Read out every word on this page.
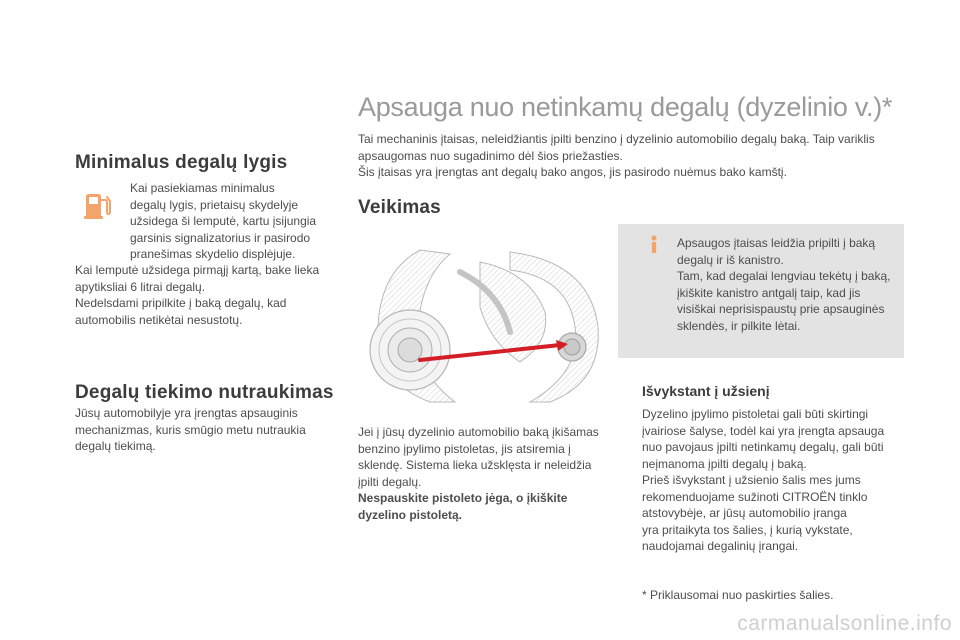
Minimalus degalų lygis
Kai pasiekiamas minimalus
degalų lygis, prietaisų skydelyje
užsidega ši lemputė, kartu įsijungia
garsinis signalizatorius ir pasirodo
pranešimas skydelio displėjuje.
Kai lemputė užsidega pirmąjį kartą, bake lieka
apytiksliai 6 litrai degalų.
Nedelsdami pripilkite į baką degalų, kad
automobilis netikėtai nesustotų.
Degalų tiekimo nutraukimas
Jūsų automobilyje yra įrengtas apsauginis
mechanizmas, kuris smūgio metu nutraukia
degalų tiekimą.
Apsauga nuo netinkamų degalų (dyzelinio v.)*
Tai mechaninis įtaisas, neleidžiantis įpilti benzino į dyzelinio automobilio degalų baką. Taip variklis
apsaugomas nuo sugadinimo dėl šios priežasties.
Šis įtaisas yra įrengtas ant degalų bako angos, jis pasirodo nuėmus bako kamštį.
Veikimas
Jei į jūsų dyzelinio automobilio baką įkišamas
benzino įpylimo pistoletas, jis atsiremia į
sklendę. Sistema lieka užsklęsta ir neleidžia
įpilti degalų.
Nespauskite pistoleto jėga, o įkiškite
dyzelino pistoletą.
Apsaugos įtaisas leidžia pripilti į baką
degalų ir iš kanistro.
Tam, kad degalai lengviau tekėtų į baką,
įkiškite kanistro antgalį taip, kad jis
visiškai neprisispaustų prie apsauginės
sklendės, ir pilkite lėtai.
Išvykstant į užsienį
Dyzelino įpylimo pistoletai gali būti skirtingi
įvairiose šalyse, todėl kai yra įrengta apsauga
nuo pavojaus įpilti netinkamų degalų, gali būti
neįmanoma įpilti degalų į baką.
Prieš išvykstant į užsienio šalis mes jums
rekomenduojame sužinoti CITROËN tinklo
atstovybėje, ar jūsų automobilio įranga
yra pritaikyta tos šalies, į kurią vykstate,
naudojamai degalinių įrangai.
* Priklausomai nuo paskirties šalies.
carmanualsonline.info
